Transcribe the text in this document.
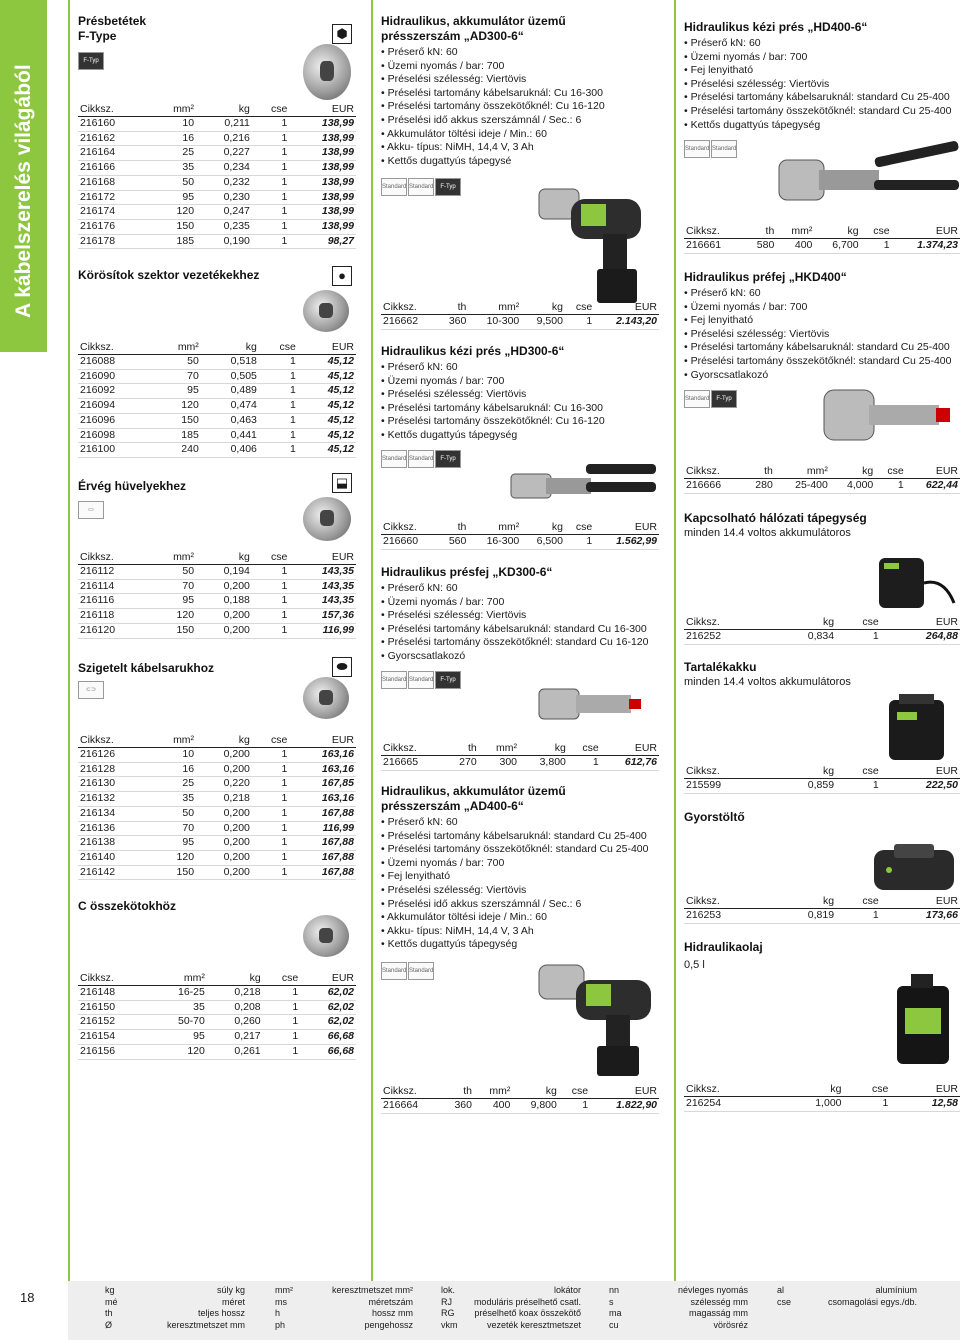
A kábelszerelés világából
Présbetétek
F-Type	⬢
F-Typ
Cikksz.	mm²	kg	cse	EUR
216160	10	0,211	1	138,99
216162	16	0,216	1	138,99
216164	25	0,227	1	138,99
216166	35	0,234	1	138,99
216168	50	0,232	1	138,99
216172	95	0,230	1	138,99
216174	120	0,247	1	138,99
216176	150	0,235	1	138,99
216178	185	0,190	1	98,27
Körösítok szektor vezetékekhez	●
Cikksz.	mm²	kg	cse	EUR
216088	50	0,518	1	45,12
216090	70	0,505	1	45,12
216092	95	0,489	1	45,12
216094	120	0,474	1	45,12
216096	150	0,463	1	45,12
216098	185	0,441	1	45,12
216100	240	0,406	1	45,12
Érvég hüvelyekhez	⬓
▭
Cikksz.	mm²	kg	cse	EUR
216112	50	0,194	1	143,35
216114	70	0,200	1	143,35
216116	95	0,188	1	143,35
216118	120	0,200	1	157,36
216120	150	0,200	1	116,99
Szigetelt kábelsarukhoz	⬬
⊂⊃
Cikksz.	mm²	kg	cse	EUR
216126	10	0,200	1	163,16
216128	16	0,200	1	163,16
216130	25	0,220	1	167,85
216132	35	0,218	1	163,16
216134	50	0,200	1	167,88
216136	70	0,200	1	116,99
216138	95	0,200	1	167,88
216140	120	0,200	1	167,88
216142	150	0,200	1	167,88
C összekötokhöz
Cikksz.	mm²	kg	cse	EUR
216148	16-25	0,218	1	62,02
216150	35	0,208	1	62,02
216152	50-70	0,260	1	62,02
216154	95	0,217	1	66,68
216156	120	0,261	1	66,68
Hidraulikus, akkumulátor üzemű présszerszám „AD300-6“
• Préserő kN: 60
• Üzemi nyomás / bar: 700
• Préselési szélesség: Viertövis
• Préselési tartomány kábelsaruknál: Cu 16-300
• Préselési tartomány összekötőknél: Cu 16-120
• Préselési idő akkus szerszámnál / Sec.: 6
• Akkumulátor töltési ideje / Min.: 60
• Akku- típus: NiMH, 14,4 V, 3 Ah
• Kettős dugattyús tápegysé
Standard Standard	F-Typ
Cikksz.	th	mm²	kg	cse	EUR
216662	360	10-300	9,500	1	2.143,20
Hidraulikus kézi prés „HD300-6“
• Préserő kN: 60
• Üzemi nyomás / bar: 700
• Préselési szélesség: Viertövis
• Préselési tartomány kábelsaruknál: Cu 16-300
• Préselési tartomány összekötőknél: Cu 16-120
• Kettős dugattyús tápegység
Standard Standard	F-Typ
Cikksz.	th	mm²	kg	cse	EUR
216660	560	16-300	6,500	1	1.562,99
Hidraulikus présfej „KD300-6“
• Préserő kN: 60
• Üzemi nyomás / bar: 700
• Préselési szélesség: Viertövis
• Préselési tartomány kábelsaruknál: standard Cu 16-300
• Préselési tartomány összekötőknél: standard Cu 16-120
• Gyorscsatlakozó
Standard Standard	F-Typ
Cikksz.	th	mm²	kg	cse	EUR
216665	270	300	3,800	1	612,76
Hidraulikus, akkumulátor üzemű présszerszám „AD400-6“
• Préserő kN: 60
• Préselési tartomány kábelsaruknál: standard Cu 25-400
• Préselési tartomány összekötőknél: standard Cu 25-400
• Üzemi nyomás / bar: 700
• Fej lenyitható
• Préselési szélesség: Viertövis
• Préselési idő akkus szerszámnál / Sec.: 6
• Akkumulátor töltési ideje / Min.: 60
• Akku- típus: NiMH, 14,4 V, 3 Ah
• Kettős dugattyús tápegység
Standard Standard
Cikksz.	th	mm²	kg	cse	EUR
216664	360	400	9,800	1	1.822,90
Hidraulikus kézi prés „HD400-6“
• Préserő kN: 60
• Üzemi nyomás / bar: 700
• Fej lenyitható
• Préselési szélesség: Viertövis
• Préselési tartomány kábelsaruknál: standard Cu 25-400
• Préselési tartomány összekötőknél: standard Cu 25-400
• Kettős dugattyús tápegység
Standard Standard
Cikksz.	th	mm²	kg	cse	EUR
216661	580	400	6,700	1	1.374,23
Hidraulikus préfej „HKD400“
• Préserő kN: 60
• Üzemi nyomás / bar: 700
• Fej lenyitható
• Préselési szélesség: Viertövis
• Préselési tartomány kábelsaruknál: standard Cu 25-400
• Préselési tartomány összekötőknél: standard Cu 25-400
• Gyorscsatlakozó
Standard	F-Typ
Cikksz.	th	mm²	kg	cse	EUR
216666	280	25-400	4,000	1	622,44
Kapcsolható hálózati tápegység
minden 14.4 voltos akkumulátoros
Cikksz.	kg	cse	EUR
216252	0,834	1	264,88
Tartalékakku
minden 14.4 voltos akkumulátoros
Cikksz.	kg	cse	EUR
215599	0,859	1	222,50
Gyorstöltő
Cikksz.	kg	cse	EUR
216253	0,819	1	173,66
Hidraulikaolaj
0,5 l
Cikksz.	kg	cse	EUR
216254	1,000	1	12,58
18	kg	súly kg
mé	méret
th	teljes hossz
Ø	keresztmetszet mm
mm²	keresztmetszet mm²
ms	méretszám
h	hossz mm
ph	pengehossz
lok.	lokátor
RJ moduláris préselhető csatl.
RG préselhető koax összekötő
vkm	vezeték keresztmetszet
nn	névleges nyomás
s	szélesség mm
ma	magasság mm
cu	vörösréz
al	alumínium
cse	csomagolási egys./db.
